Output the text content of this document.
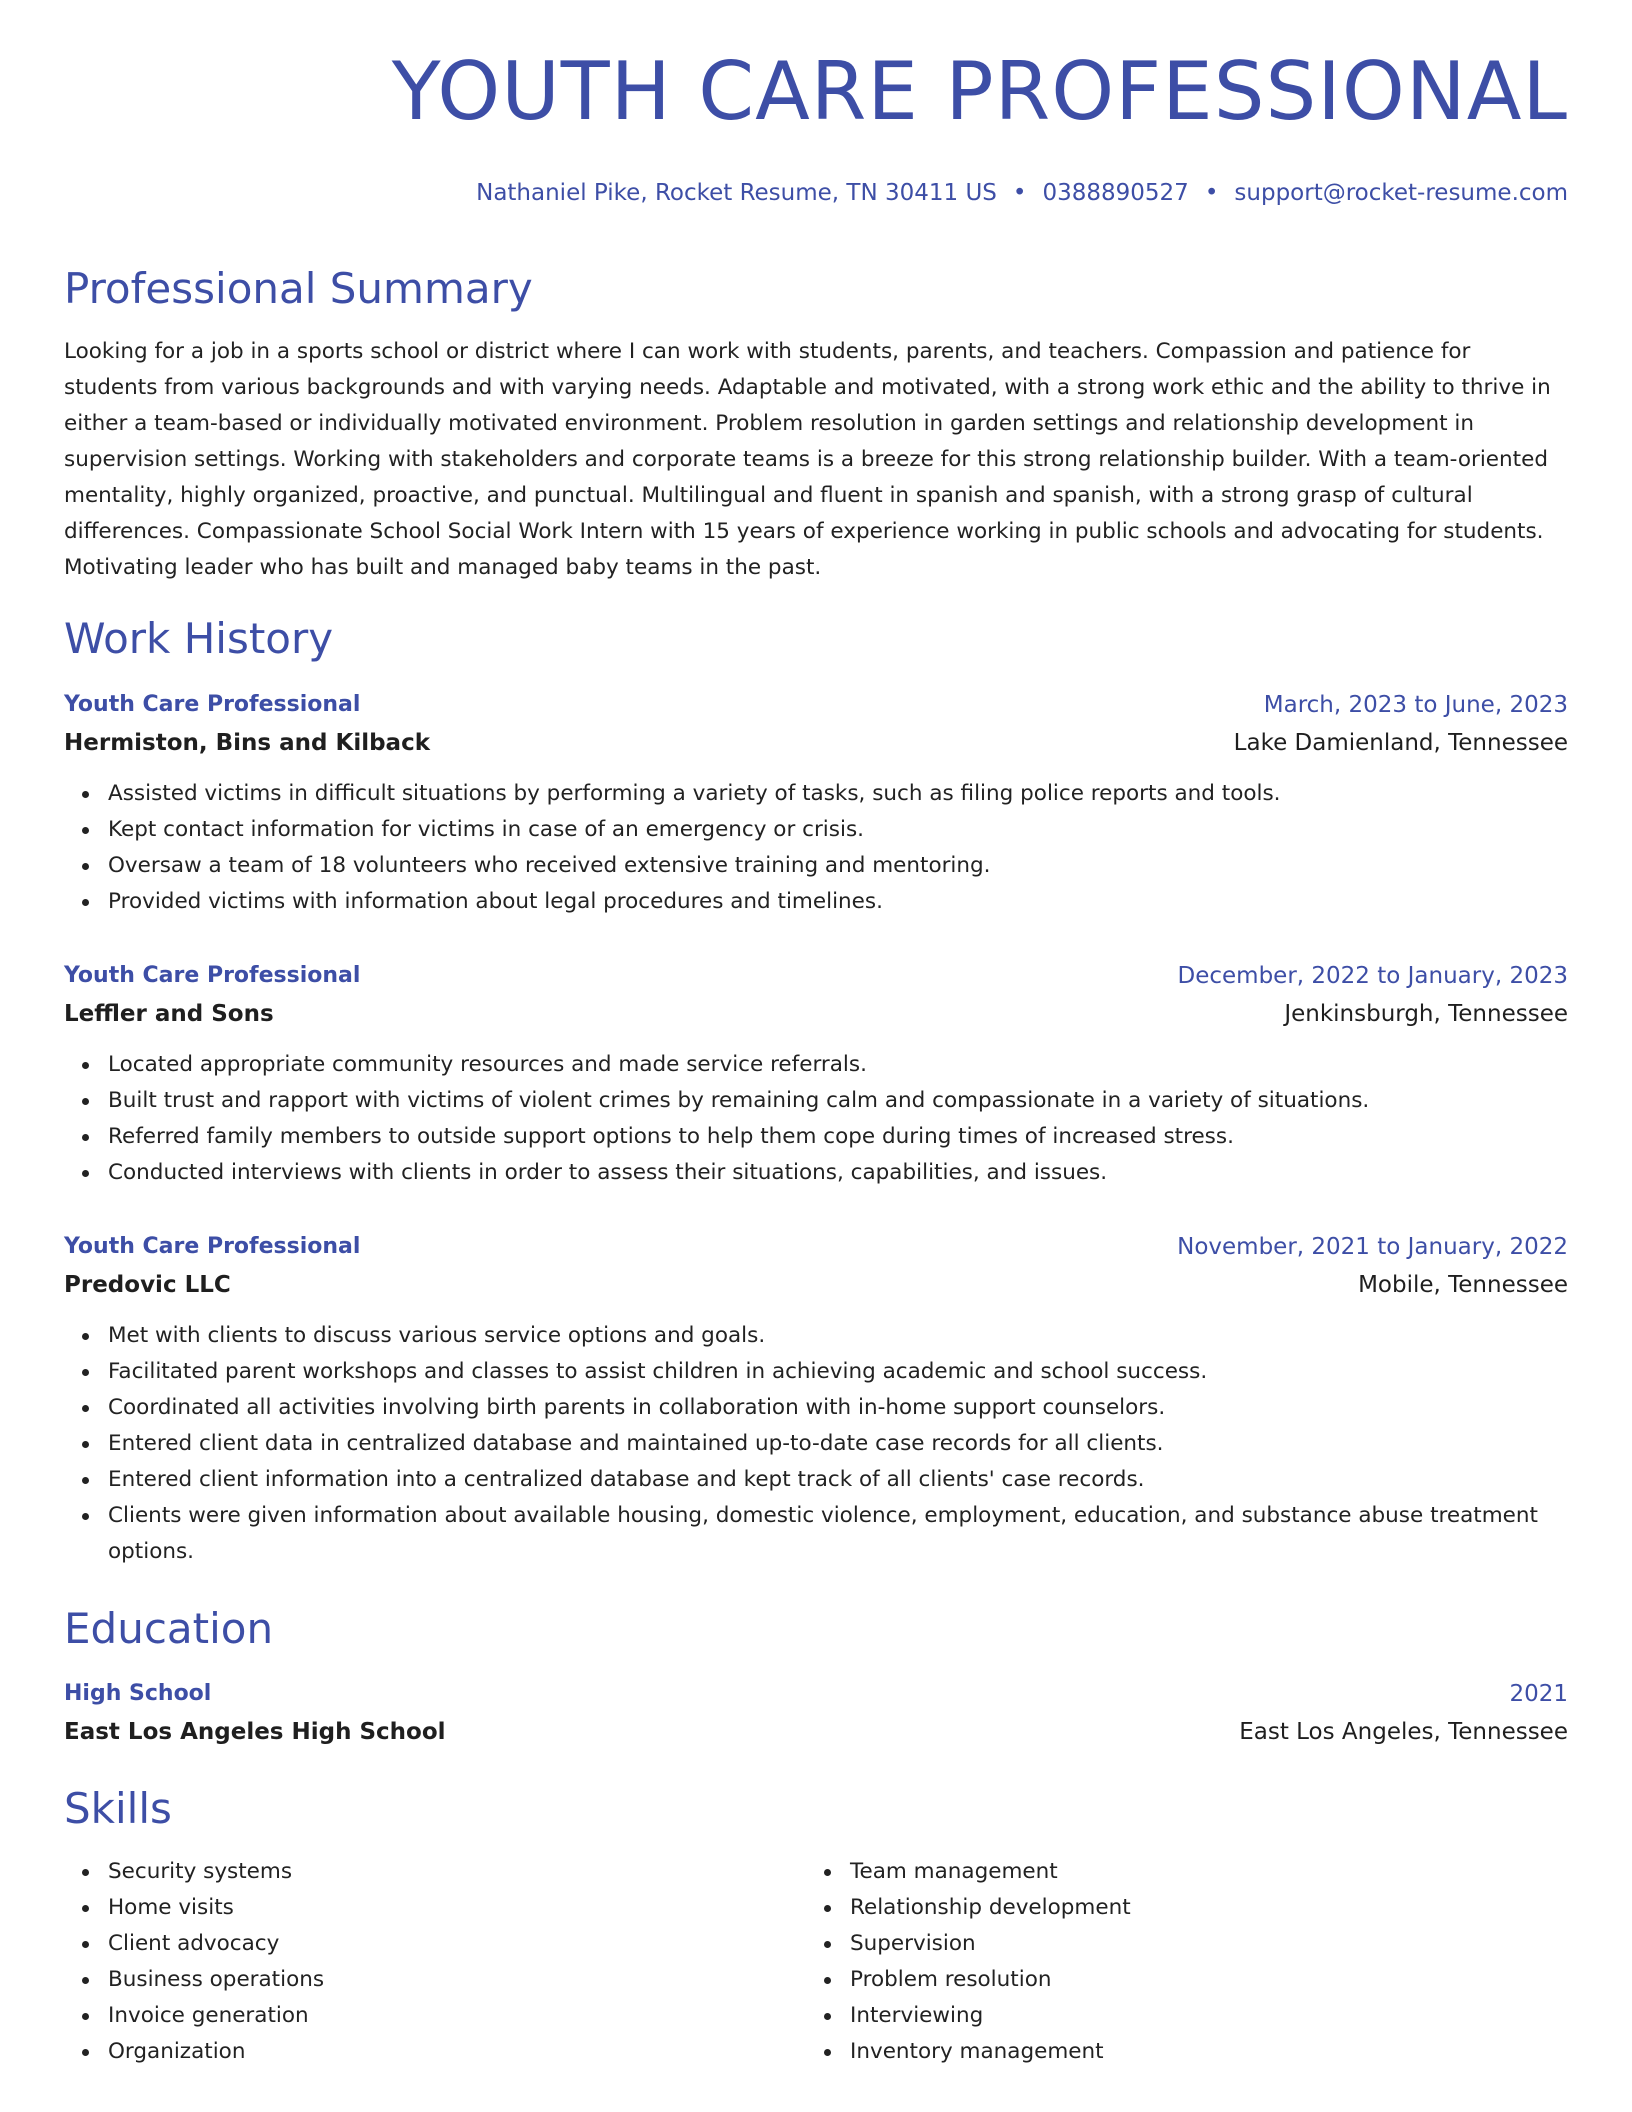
YOUTH CARE PROFESSIONAL
Nathaniel Pike, Rocket Resume, TN 30411 US • 0388890527 • support@rocket-resume.com
Professional Summary

Looking for a job in a sports school or district where I can work with students, parents, and teachers. Compassion and patience for students from various backgrounds and with varying needs. Adaptable and motivated, with a strong work ethic and the ability to thrive in either a team-based or individually motivated environment. Problem resolution in garden settings and relationship development in supervision settings. Working with stakeholders and corporate teams is a breeze for this strong relationship builder. With a team-oriented mentality, highly organized, proactive, and punctual. Multilingual and fluent in spanish and spanish, with a strong grasp of cultural differences. Compassionate School Social Work Intern with 15 years of experience working in public schools and advocating for students. Motivating leader who has built and managed baby teams in the past.

Work History
Youth Care Professional	March, 2023 to June, 2023
Hermiston, Bins and Kilback	Lake Damienland, Tennessee
Assisted victims in difficult situations by performing a variety of tasks, such as filing police reports and tools.
Kept contact information for victims in case of an emergency or crisis.
Oversaw a team of 18 volunteers who received extensive training and mentoring.
Provided victims with information about legal procedures and timelines.
Youth Care Professional	December, 2022 to January, 2023
Leffler and Sons	Jenkinsburgh, Tennessee
Located appropriate community resources and made service referrals.
Built trust and rapport with victims of violent crimes by remaining calm and compassionate in a variety of situations.
Referred family members to outside support options to help them cope during times of increased stress.
Conducted interviews with clients in order to assess their situations, capabilities, and issues.
Youth Care Professional	November, 2021 to January, 2022
Predovic LLC	Mobile, Tennessee
Met with clients to discuss various service options and goals.
Facilitated parent workshops and classes to assist children in achieving academic and school success.
Coordinated all activities involving birth parents in collaboration with in-home support counselors.
Entered client data in centralized database and maintained up-to-date case records for all clients.
Entered client information into a centralized database and kept track of all clients' case records.
Clients were given information about available housing, domestic violence, employment, education, and substance abuse treatment options.
Education
High School	2021
East Los Angeles High School	East Los Angeles, Tennessee
Skills
Security systems
Home visits
Client advocacy
Business operations
Invoice generation
Organization
Team management
Relationship development
Supervision
Problem resolution
Interviewing
Inventory management
